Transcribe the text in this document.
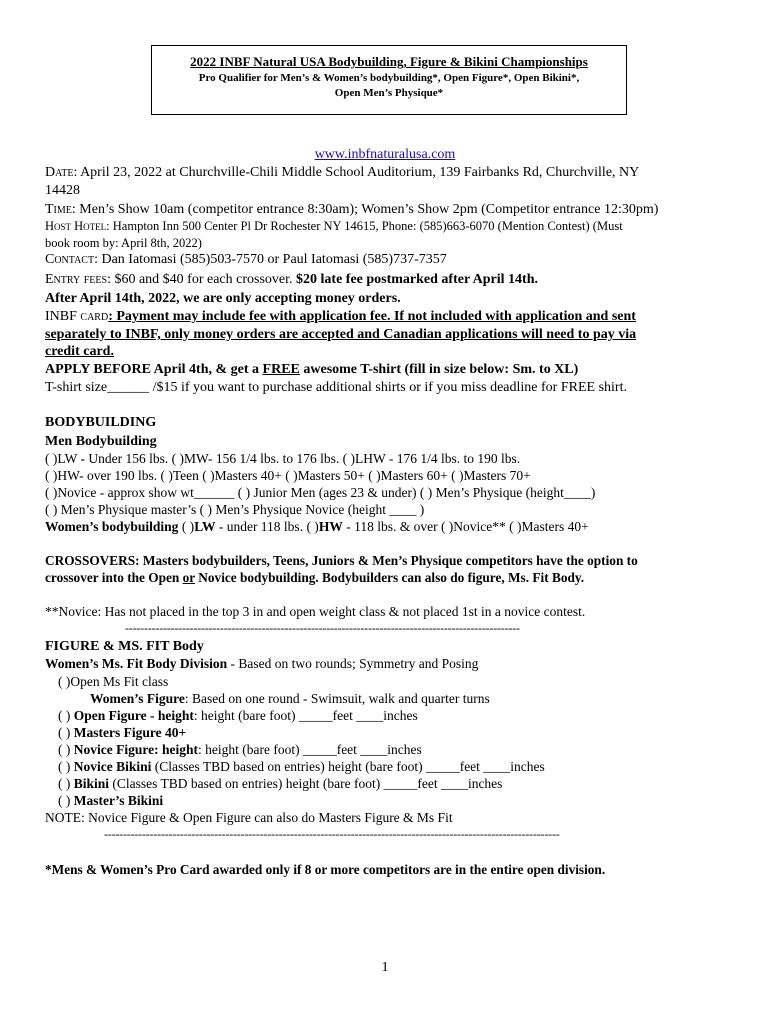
2022 INBF Natural USA Bodybuilding, Figure & Bikini Championships
Pro Qualifier for Men’s & Women’s bodybuilding*, Open Figure*, Open Bikini*,
Open Men’s Physique*
www.inbfnaturalusa.com
Date: April 23, 2022 at Churchville-Chili Middle School Auditorium, 139 Fairbanks Rd, Churchville, NY
14428
Time: Men’s Show 10am (competitor entrance 8:30am); Women’s Show 2pm (Competitor entrance 12:30pm)
Host Hotel: Hampton Inn 500 Center Pl Dr Rochester NY 14615, Phone: (585)663-6070 (Mention Contest) (Must
book room by: April 8th, 2022)
Contact: Dan Iatomasi (585)503-7570 or Paul Iatomasi (585)737-7357
Entry fees: $60 and $40 for each crossover. $20 late fee postmarked after April 14th.
After April 14th, 2022, we are only accepting money orders.
INBF card: Payment may include fee with application fee. If not included with application and sent
separately to INBF, only money orders are accepted and Canadian applications will need to pay via
credit card.
APPLY BEFORE April 4th, & get a FREE awesome T-shirt (fill in size below: Sm. to XL)
T-shirt size______ /$15 if you want to purchase additional shirts or if you miss deadline for FREE shirt.
BODYBUILDING
Men Bodybuilding
( )LW - Under 156 lbs. ( )MW- 156 1/4 lbs. to 176 lbs. ( )LHW - 176 1/4 lbs. to 190 lbs.
( )HW- over 190 lbs. ( )Teen ( )Masters 40+ ( )Masters 50+ ( )Masters 60+ ( )Masters 70+
( )Novice - approx show wt______ ( ) Junior Men (ages 23 & under) ( ) Men’s Physique (height____)
( ) Men’s Physique master’s ( ) Men’s Physique Novice (height ____ )
Women’s bodybuilding ( )LW - under 118 lbs. ( )HW - 118 lbs. & over ( )Novice** ( )Masters 40+
CROSSOVERS: Masters bodybuilders, Teens, Juniors & Men’s Physique competitors have the option to
crossover into the Open or Novice bodybuilding. Bodybuilders can also do figure, Ms. Fit Body.
**Novice: Has not placed in the top 3 in and open weight class & not placed 1st in a novice contest.
--------------------------------------------------------------------------------------------------------
FIGURE & MS. FIT Body
Women’s Ms. Fit Body Division - Based on two rounds; Symmetry and Posing
( )Open Ms Fit class
Women’s Figure: Based on one round - Swimsuit, walk and quarter turns
( ) Open Figure - height: height (bare foot) _____feet ____inches
( ) Masters Figure 40+
( ) Novice Figure: height: height (bare foot) _____feet ____inches
( ) Novice Bikini (Classes TBD based on entries) height (bare foot) _____feet ____inches
( ) Bikini (Classes TBD based on entries) height (bare foot) _____feet ____inches
( ) Master’s Bikini
NOTE: Novice Figure & Open Figure can also do Masters Figure & Ms Fit
------------------------------------------------------------------------------------------------------------------------
*Mens & Women’s Pro Card awarded only if 8 or more competitors are in the entire open division.
1
